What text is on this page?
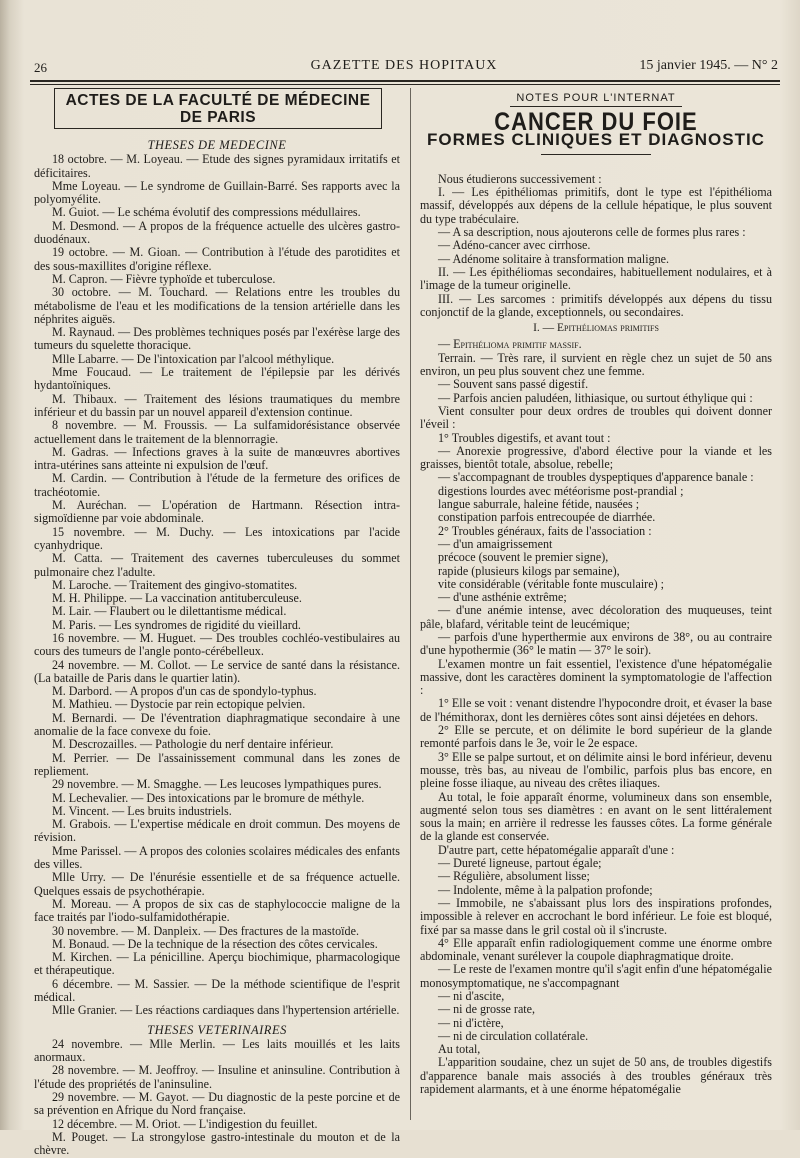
26	GAZETTE DES HOPITAUX	15 janvier 1945. — N° 2
ACTES DE LA FACULTÉ DE MÉDECINE DE PARIS
THESES DE MEDECINE

18 octobre. — M. Loyeau. — Etude des signes pyramidaux irritatifs et déficitaires.

Mme Loyeau. — Le syndrome de Guillain-Barré. Ses rapports avec la polyomyélite.

M. Guiot. — Le schéma évolutif des compressions médullaires.

M. Desmond. — A propos de la fréquence actuelle des ulcères gastro-duodénaux.

19 octobre. — M. Gioan. — Contribution à l'étude des parotidites et des sous-maxillites d'origine réflexe.

M. Capron. — Fièvre typhoïde et tuberculose.

30 octobre. — M. Touchard. — Relations entre les troubles du métabolisme de l'eau et les modifications de la tension artérielle dans les néphrites aiguës.

M. Raynaud. — Des problèmes techniques posés par l'exérèse large des tumeurs du squelette thoracique.

Mlle Labarre. — De l'intoxication par l'alcool méthylique.

Mme Foucaud. — Le traitement de l'épilepsie par les dérivés hydantoïniques.

M. Thibaux. — Traitement des lésions traumatiques du membre inférieur et du bassin par un nouvel appareil d'extension continue.

8 novembre. — M. Froussis. — La sulfamidorésistance observée actuellement dans le traitement de la blennorragie.

M. Gadras. — Infections graves à la suite de manœuvres abortives intra-utérines sans atteinte ni expulsion de l'œuf.

M. Cardin. — Contribution à l'étude de la fermeture des orifices de trachéotomie.

M. Auréchan. — L'opération de Hartmann. Résection intra-sigmoïdienne par voie abdominale.

15 novembre. — M. Duchy. — Les intoxications par l'acide cyanhydrique.

M. Catta. — Traitement des cavernes tuberculeuses du sommet pulmonaire chez l'adulte.

M. Laroche. — Traitement des gingivo-stomatites.

M. H. Philippe. — La vaccination antituberculeuse.

M. Lair. — Flaubert ou le dilettantisme médical.

M. Paris. — Les syndromes de rigidité du vieillard.

16 novembre. — M. Huguet. — Des troubles cochléo-vestibulaires au cours des tumeurs de l'angle ponto-cérébelleux.

24 novembre. — M. Collot. — Le service de santé dans la résistance. (La bataille de Paris dans le quartier latin).

M. Darbord. — A propos d'un cas de spondylo-typhus.

M. Mathieu. — Dystocie par rein ectopique pelvien.

M. Bernardi. — De l'éventration diaphragmatique secondaire à une anomalie de la face convexe du foie.

M. Descrozailles. — Pathologie du nerf dentaire inférieur.

M. Perrier. — De l'assainissement communal dans les zones de repliement.

29 novembre. — M. Smagghe. — Les leucoses lympathiques pures.

M. Lechevalier. — Des intoxications par le bromure de méthyle.

M. Vincent. — Les bruits industriels.

M. Grabois. — L'expertise médicale en droit commun. Des moyens de révision.

Mme Parissel. — A propos des colonies scolaires médicales des enfants des villes.

Mlle Urry. — De l'énurésie essentielle et de sa fréquence actuelle. Quelques essais de psychothérapie.

M. Moreau. — A propos de six cas de staphylococcie maligne de la face traités par l'iodo-sulfamidothérapie.

30 novembre. — M. Danpleix. — Des fractures de la mastoïde.

M. Bonaud. — De la technique de la résection des côtes cervicales.

M. Kirchen. — La pénicilline. Aperçu biochimique, pharmacologique et thérapeutique.

6 décembre. — M. Sassier. — De la méthode scientifique de l'esprit médical.

Mlle Granier. — Les réactions cardiaques dans l'hypertension artérielle.

THESES VETERINAIRES

24 novembre. — Mlle Merlin. — Les laits mouillés et les laits anormaux.

28 novembre. — M. Jeoffroy. — Insuline et aninsuline. Contribution à l'étude des propriétés de l'aninsuline.

29 novembre. — M. Gayot. — Du diagnostic de la peste porcine et de sa prévention en Afrique du Nord française.

12 décembre. — M. Oriot. — L'indigestion du feuillet.

M. Pouget. — La strongylose gastro-intestinale du mouton et de la chèvre.

NOTES POUR L'INTERNAT
CANCER DU FOIE
FORMES CLINIQUES ET DIAGNOSTIC

Nous étudierons successivement :

I. — Les épithéliomas primitifs, dont le type est l'épithélioma massif, développés aux dépens de la cellule hépatique, le plus souvent du type trabéculaire.

— A sa description, nous ajouterons celle de formes plus rares :

— Adéno-cancer avec cirrhose.

— Adénome solitaire à transformation maligne.

II. — Les épithéliomas secondaires, habituellement nodulaires, et à l'image de la tumeur originelle.

III. — Les sarcomes : primitifs développés aux dépens du tissu conjonctif de la glande, exceptionnels, ou secondaires.

I. — Epithéliomas primitifs

— Epithélioma primitif massif.

Terrain. — Très rare, il survient en règle chez un sujet de 50 ans environ, un peu plus souvent chez une femme.

— Souvent sans passé digestif.

— Parfois ancien paludéen, lithiasique, ou surtout éthylique qui :

Vient consulter pour deux ordres de troubles qui doivent donner l'éveil :

1° Troubles digestifs, et avant tout :

— Anorexie progressive, d'abord élective pour la viande et les graisses, bientôt totale, absolue, rebelle;

— s'accompagnant de troubles dyspeptiques d'apparence banale :

digestions lourdes avec météorisme post-prandial ;

langue saburrale, haleine fétide, nausées ;

constipation parfois entrecoupée de diarrhée.

2° Troubles généraux, faits de l'association :

— d'un amaigrissement

précoce (souvent le premier signe),

rapide (plusieurs kilogs par semaine),

vite considérable (véritable fonte musculaire) ;

— d'une asthénie extrême;

— d'une anémie intense, avec décoloration des muqueuses, teint pâle, blafard, véritable teint de leucémique;

— parfois d'une hyperthermie aux environs de 38°, ou au contraire d'une hypothermie (36° le matin — 37° le soir).

L'examen montre un fait essentiel, l'existence d'une hépatomégalie massive, dont les caractères dominent la symptomatologie de l'affection :

1° Elle se voit : venant distendre l'hypocondre droit, et évaser la base de l'hémithorax, dont les dernières côtes sont ainsi déjetées en dehors.

2° Elle se percute, et on délimite le bord supérieur de la glande remonté parfois dans le 3e, voir le 2e espace.

3° Elle se palpe surtout, et on délimite ainsi le bord inférieur, devenu mousse, très bas, au niveau de l'ombilic, parfois plus bas encore, en pleine fosse iliaque, au niveau des crêtes iliaques.

Au total, le foie apparaît énorme, volumineux dans son ensemble, augmenté selon tous ses diamètres : en avant on le sent littéralement sous la main; en arrière il redresse les fausses côtes. La forme générale de la glande est conservée.

D'autre part, cette hépatomégalie apparaît d'une :

— Dureté ligneuse, partout égale;

— Régulière, absolument lisse;

— Indolente, même à la palpation profonde;

— Immobile, ne s'abaissant plus lors des inspirations profondes, impossible à relever en accrochant le bord inférieur. Le foie est bloqué, fixé par sa masse dans le gril costal où il s'incruste.

4° Elle apparaît enfin radiologiquement comme une énorme ombre abdominale, venant surélever la coupole diaphragmatique droite.

— Le reste de l'examen montre qu'il s'agit enfin d'une hépatomégalie monosymptomatique, ne s'accompagnant

— ni d'ascite,

— ni de grosse rate,

— ni d'ictère,

— ni de circulation collatérale.

Au total,

L'apparition soudaine, chez un sujet de 50 ans, de troubles digestifs d'apparence banale mais associés à des troubles généraux très rapidement alarmants, et à une énorme hépatomégalie
